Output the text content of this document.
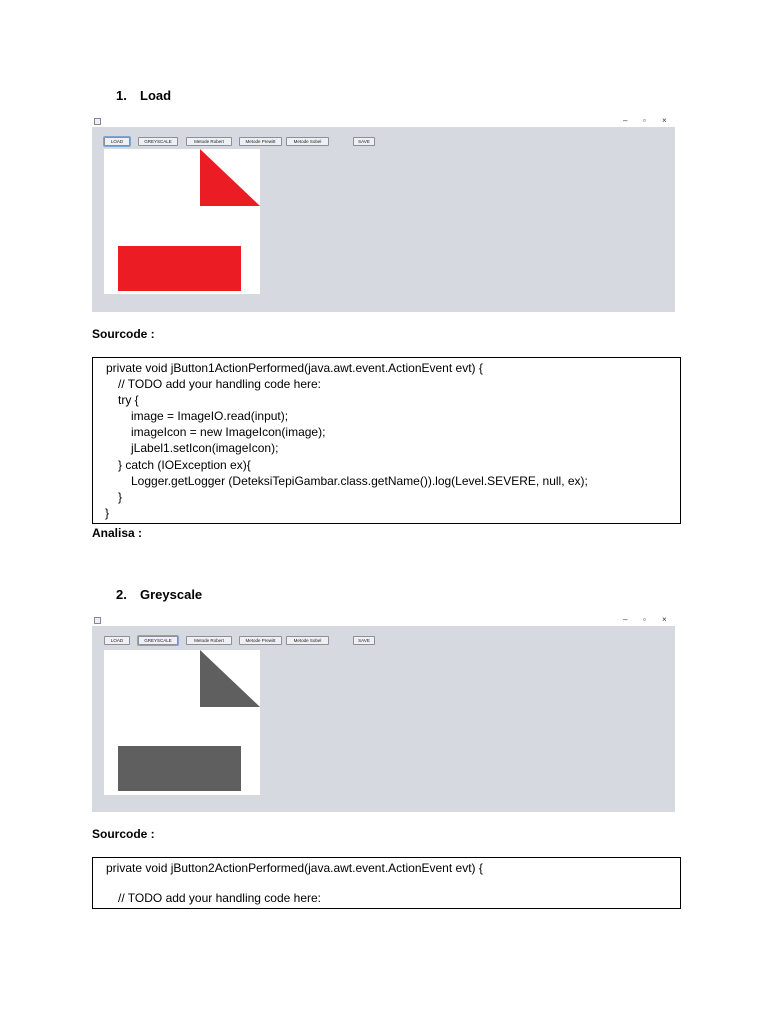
1. Load
– ▫ ×
LOAD	GREYSCALE	Metode Robert	Metode Prewitt	Metode Sobel	SAVE
Sourcode :
private void jButton1ActionPerformed(java.awt.event.ActionEvent evt) {
// TODO add your handling code here:
try {
image = ImageIO.read(input);
imageIcon = new ImageIcon(image);
jLabel1.setIcon(imageIcon);
} catch (IOException ex){
Logger.getLogger (DeteksiTepiGambar.class.getName()).log(Level.SEVERE, null, ex);
}
}
Analisa :
2. Greyscale
– ▫ ×
LOAD	GREYSCALE	Metode Robert	Metode Prewitt	Metode Sobel	SAVE
Sourcode :
private void jButton2ActionPerformed(java.awt.event.ActionEvent evt) {
// TODO add your handling code here:
